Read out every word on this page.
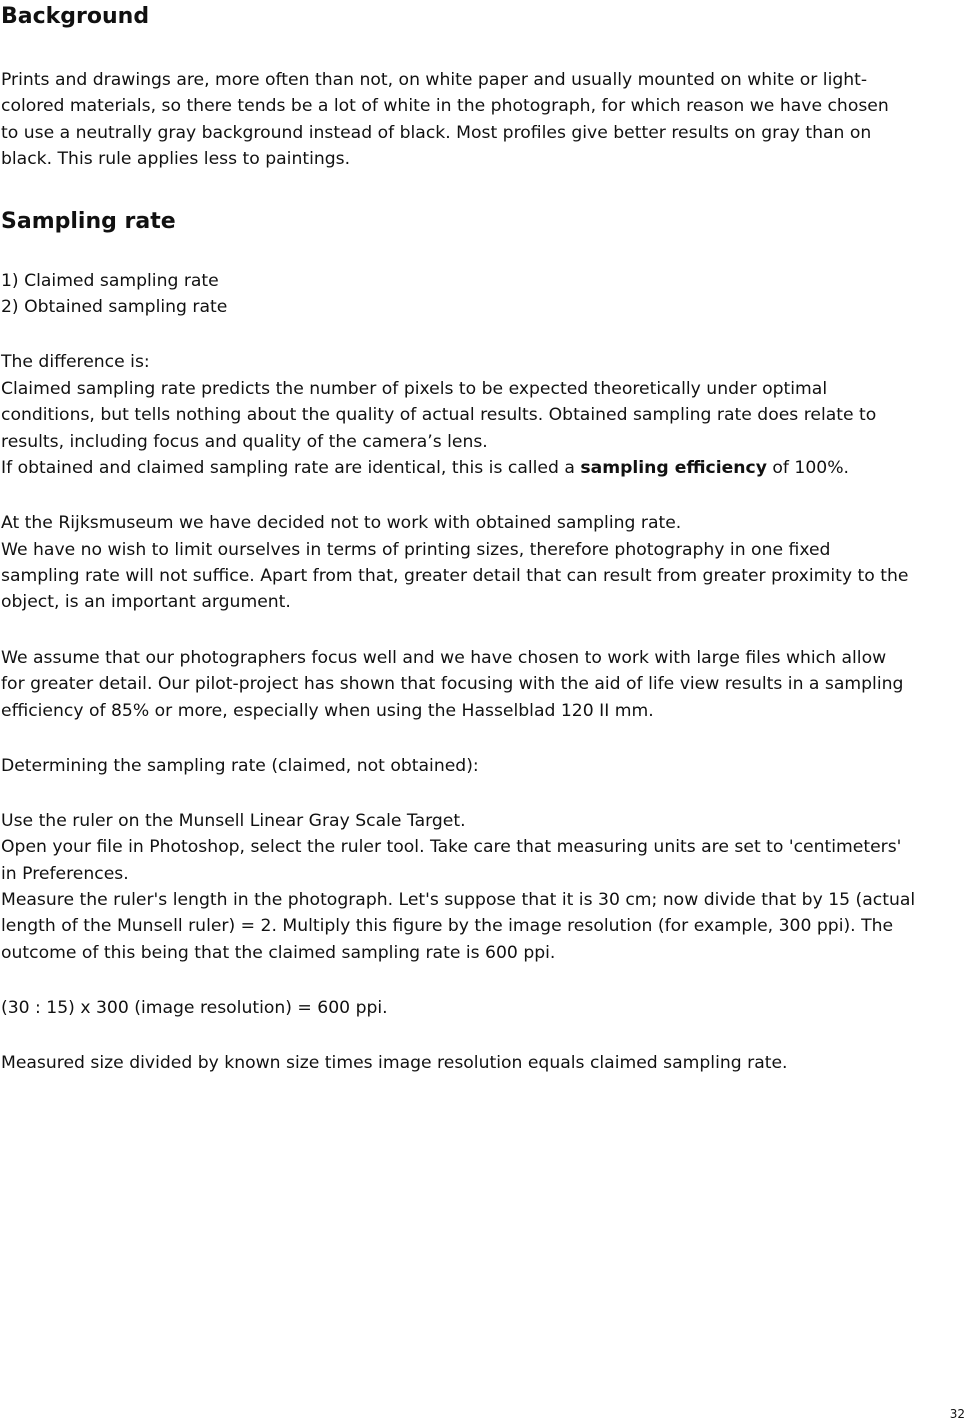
Background

Prints and drawings are, more often than not, on white paper and usually mounted on white or light-

colored materials, so there tends be a lot of white in the photograph, for which reason we have chosen

to use a neutrally gray background instead of black. Most profiles give better results on gray than on

black. This rule applies less to paintings.

Sampling rate

1) Claimed sampling rate

2) Obtained sampling rate

The difference is:

Claimed sampling rate predicts the number of pixels to be expected theoretically under optimal

conditions, but tells nothing about the quality of actual results. Obtained sampling rate does relate to

results, including focus and quality of the camera’s lens.

If obtained and claimed sampling rate are identical, this is called a sampling efficiency of 100%.

At the Rijksmuseum we have decided not to work with obtained sampling rate.

We have no wish to limit ourselves in terms of printing sizes, therefore photography in one fixed

sampling rate will not suffice. Apart from that, greater detail that can result from greater proximity to the

object, is an important argument.

We assume that our photographers focus well and we have chosen to work with large files which allow

for greater detail. Our pilot-project has shown that focusing with the aid of life view results in a sampling

efficiency of 85% or more, especially when using the Hasselblad 120 II mm.

Determining the sampling rate (claimed, not obtained):

Use the ruler on the Munsell Linear Gray Scale Target.

Open your file in Photoshop, select the ruler tool. Take care that measuring units are set to 'centimeters'

in Preferences.

Measure the ruler's length in the photograph. Let's suppose that it is 30 cm; now divide that by 15 (actual

length of the Munsell ruler) = 2. Multiply this figure by the image resolution (for example, 300 ppi). The

outcome of this being that the claimed sampling rate is 600 ppi.

(30 : 15) x 300 (image resolution) = 600 ppi.

Measured size divided by known size times image resolution equals claimed sampling rate.

32
